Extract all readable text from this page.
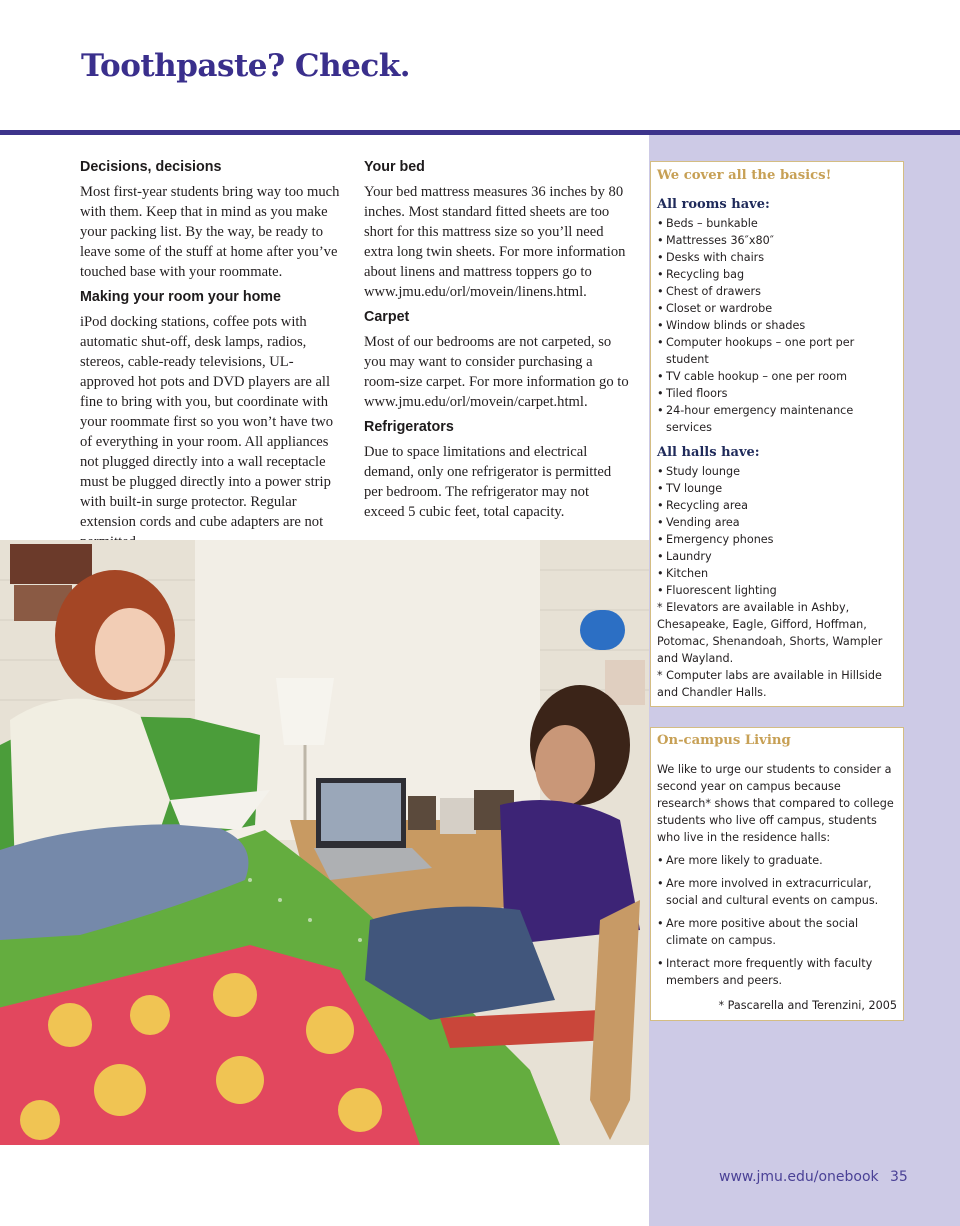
Toothpaste? Check.
Decisions, decisions

Most first-year students bring way too much with them. Keep that in mind as you make your packing list. By the way, be ready to leave some of the stuff at home after you’ve touched base with your roommate.

Making your room your home

iPod docking stations, coffee pots with automatic shut-off, desk lamps, radios, stereos, cable-ready televisions, UL-approved hot pots and DVD players are all fine to bring with you, but coordinate with your roommate first so you won’t have two of everything in your room. All appliances not plugged directly into a wall receptacle must be plugged directly into a power strip with built-in surge protector. Regular extension cords and cube adapters are not

Your bed

Your bed mattress measures 36 inches by 80 inches. Most standard fitted sheets are too short for this mattress size so you’ll need extra long twin sheets. For more information about linens and mattress toppers go to www.jmu.edu/orl/movein/linens.html.

Carpet

Most of our bedrooms are not carpeted, so you may want to consider purchasing a room-size carpet. For more information go to www.jmu.edu/orl/movein/carpet.html.

Refrigerators

Due to space limitations and electrical demand, only one refrigerator is permitted per bedroom. The refrigerator may not exceed 5 cubic feet, total capacity.

We cover all the basics!
All rooms have:
• Beds – bunkable
• Mattresses 36″x80″
• Desks with chairs
• Recycling bag
• Chest of drawers
• Closet or wardrobe
• Window blinds or shades
• Computer hookups – one port per student
• TV cable hookup – one per room
• Tiled floors
• 24-hour emergency maintenance services
All halls have:
• Study lounge
• TV lounge
• Recycling area
• Vending area
• Emergency phones
• Laundry
• Kitchen
• Fluorescent lighting

* Elevators are available in Ashby, Chesapeake, Eagle, Gifford, Hoffman, Potomac, Shenandoah, Shorts, Wampler and Wayland.

* Computer labs are available in Hillside and Chandler Halls.

On-campus Living

We like to urge our students to consider a second year on campus because research* shows that compared to college students who live off campus, students who live in the residence halls:

• Are more likely to graduate.
• Are more involved in extracurricular, social and cultural events on campus.
• Are more positive about the social climate on campus.
• Interact more frequently with faculty members and peers.

* Pascarella and Terenzini, 2005

www.jmu.edu/onebook 35
